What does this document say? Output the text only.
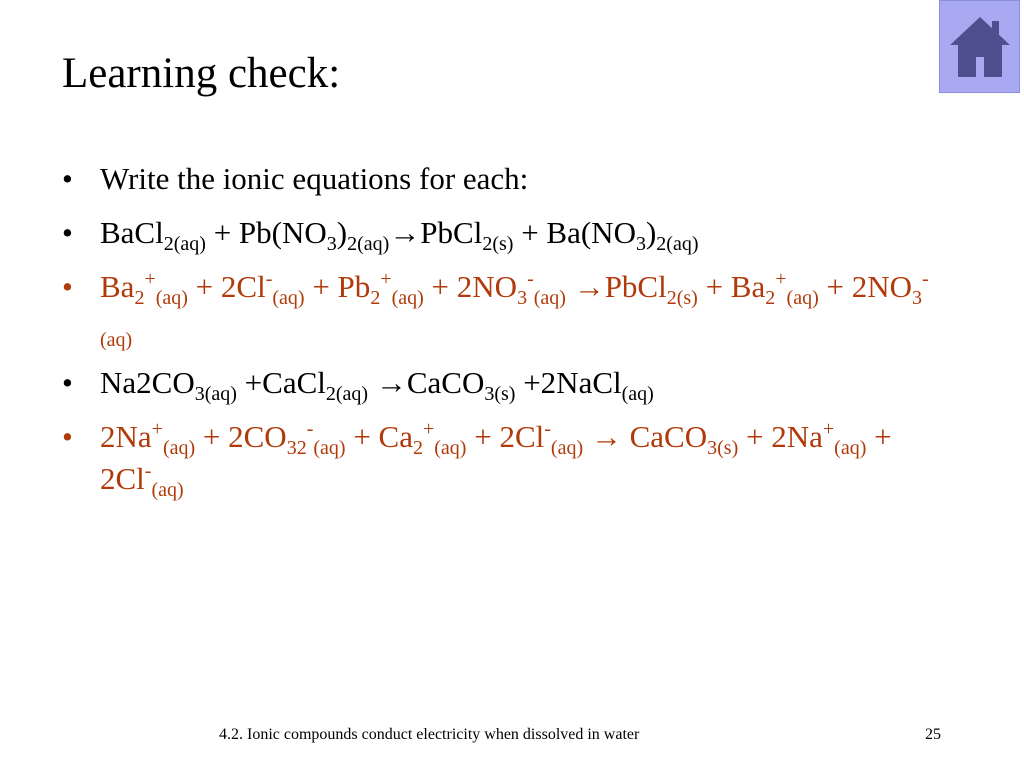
Learning check:
• Write the ionic equations for each:
• BaCl$_{2(aq)}$ + $Pb(NO_3)_{2(aq)}\to PbCl_{2(s)} + Ba(NO_3)_{2(aq)}$
• $Ba_2^+_{(aq)} + 2Cl^-_{(aq)} + Pb_2^+_{(aq)} + 2NO_3^-_{(aq)}$ →PbCl$_{2(s)}$ + $Ba_2^+_{(aq)} + 2NO_3^-_{(aq)}$
• $Na2CO_{3(aq)}$ +CaCl$_{2(aq)}$ →CaCO$_{3(s)}$ +2NaCl$_{(aq)}$
• $2Na^+_{(aq)} + 2CO_{32}^-_{(aq)} + Ca_2^+_{(aq)} + 2Cl^-_{(aq)}$ → CaCO$_{3(s)}$ + $2Na^+_{(aq)} + 2Cl^-_{(aq)}$
4.2. Ionic compounds conduct electricity when dissolved in water	25
